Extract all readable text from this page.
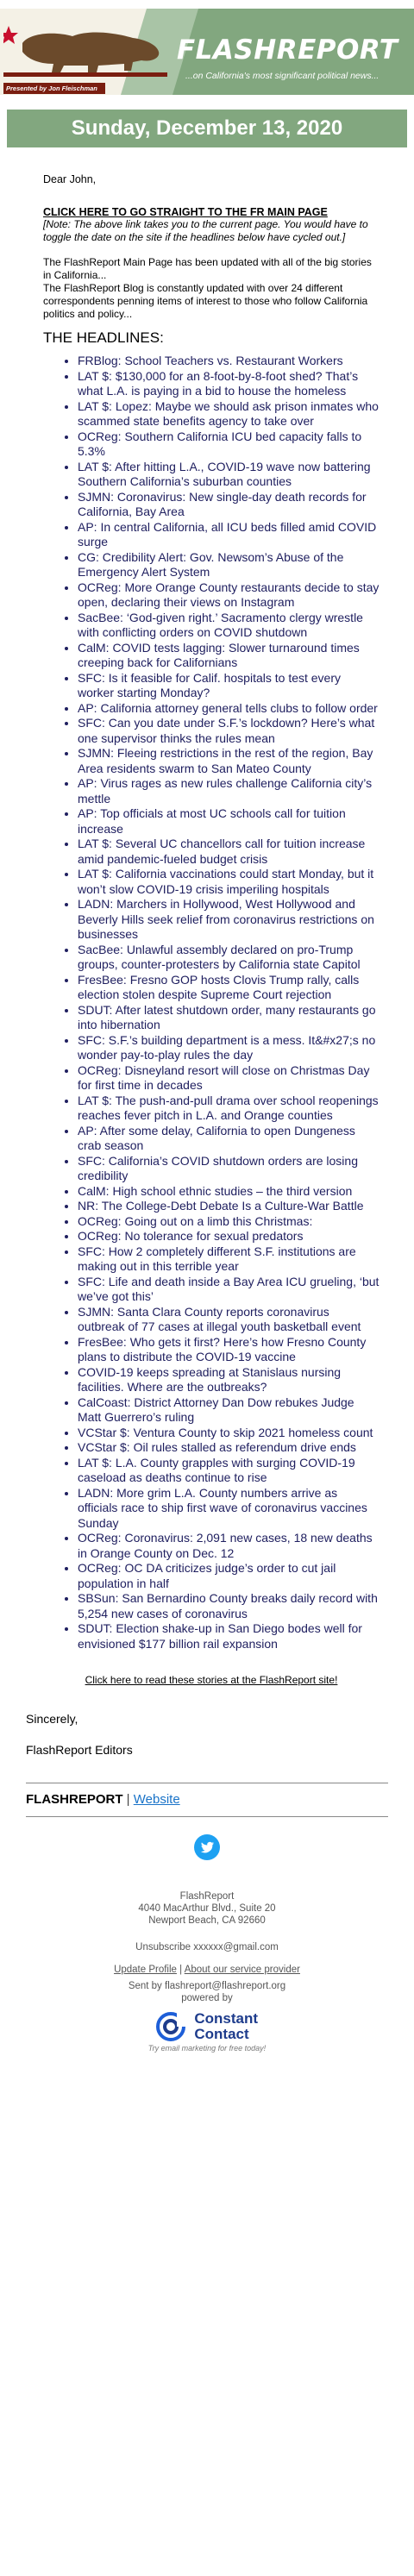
FLASHREPORT
...on California's most significant political news...
Presented by Jon Fleischman
Sunday, December 13, 2020

Dear John,

CLICK HERE TO GO STRAIGHT TO THE FR MAIN PAGE

[Note: The above link takes you to the current page. You would have to toggle the date on the site if the headlines below have cycled out.]

The FlashReport Main Page has been updated with all of the big stories in California...

The FlashReport Blog is constantly updated with over 24 different correspondents penning items of interest to those who follow California politics and policy...

THE HEADLINES:
• FRBlog: School Teachers vs. Restaurant Workers
• LAT $: $130,000 for an 8-foot-by-8-foot shed? That’s what L.A. is paying in a bid to house the homeless
• LAT $: Lopez: Maybe we should ask prison inmates who scammed state benefits agency to take over
• OCReg: Southern California ICU bed capacity falls to 5.3%
• LAT $: After hitting L.A., COVID-19 wave now battering Southern California’s suburban counties
• SJMN: Coronavirus: New single-day death records for California, Bay Area
• AP: In central California, all ICU beds filled amid COVID surge
• CG: Credibility Alert: Gov. Newsom’s Abuse of the Emergency Alert System
• OCReg: More Orange County restaurants decide to stay open, declaring their views on Instagram
• SacBee: ‘God-given right.’ Sacramento clergy wrestle with conflicting orders on COVID shutdown
• CalM: COVID tests lagging: Slower turnaround times creeping back for Californians
• SFC: Is it feasible for Calif. hospitals to test every worker starting Monday?
• AP: California attorney general tells clubs to follow order
• SFC: Can you date under S.F.’s lockdown? Here’s what one supervisor thinks the rules mean
• SJMN: Fleeing restrictions in the rest of the region, Bay Area residents swarm to San Mateo County
• AP: Virus rages as new rules challenge California city’s mettle
• AP: Top officials at most UC schools call for tuition increase
• LAT $: Several UC chancellors call for tuition increase amid pandemic-fueled budget crisis
• LAT $: California vaccinations could start Monday, but it won’t slow COVID-19 crisis imperiling hospitals
• LADN: Marchers in Hollywood, West Hollywood and Beverly Hills seek relief from coronavirus restrictions on businesses
• SacBee: Unlawful assembly declared on pro-Trump groups, counter-protesters by California state Capitol
• FresBee: Fresno GOP hosts Clovis Trump rally, calls election stolen despite Supreme Court rejection
• SDUT: After latest shutdown order, many restaurants go into hibernation
• SFC: S.F.’s building department is a mess. It&#x27;s no wonder pay-to-play rules the day
• OCReg: Disneyland resort will close on Christmas Day for first time in decades
• LAT $: The push-and-pull drama over school reopenings reaches fever pitch in L.A. and Orange counties
• AP: After some delay, California to open Dungeness crab season
• SFC: California’s COVID shutdown orders are losing credibility
• CalM: High school ethnic studies – the third version
• NR: The College-Debt Debate Is a Culture-War Battle
• OCReg: Going out on a limb this Christmas:
• OCReg: No tolerance for sexual predators
• SFC: How 2 completely different S.F. institutions are making out in this terrible year
• SFC: Life and death inside a Bay Area ICU grueling, ‘but we’ve got this’
• SJMN: Santa Clara County reports coronavirus outbreak of 77 cases at illegal youth basketball event
• FresBee: Who gets it first? Here’s how Fresno County plans to distribute the COVID-19 vaccine
• COVID-19 keeps spreading at Stanislaus nursing facilities. Where are the outbreaks?
• CalCoast: District Attorney Dan Dow rebukes Judge Matt Guerrero’s ruling
• VCStar $: Ventura County to skip 2021 homeless count
• VCStar $: Oil rules stalled as referendum drive ends
• LAT $: L.A. County grapples with surging COVID-19 caseload as deaths continue to rise
• LADN: More grim L.A. County numbers arrive as officials race to ship first wave of coronavirus vaccines Sunday
• OCReg: Coronavirus: 2,091 new cases, 18 new deaths in Orange County on Dec. 12
• OCReg: OC DA criticizes judge’s order to cut jail population in half
• SBSun: San Bernardino County breaks daily record with 5,254 new cases of coronavirus
• SDUT: Election shake-up in San Diego bodes well for envisioned $177 billion rail expansion
Click here to read these stories at the FlashReport site!

Sincerely,

FlashReport Editors

FLASHREPORT | Website
FlashReport
4040 MacArthur Blvd., Suite 20
Newport Beach, CA 92660
Unsubscribe xxxxxx@gmail.com
Update Profile | About our service provider
Sent by flashreport@flashreport.org
powered by
Constant
Contact
Try email marketing for free today!
